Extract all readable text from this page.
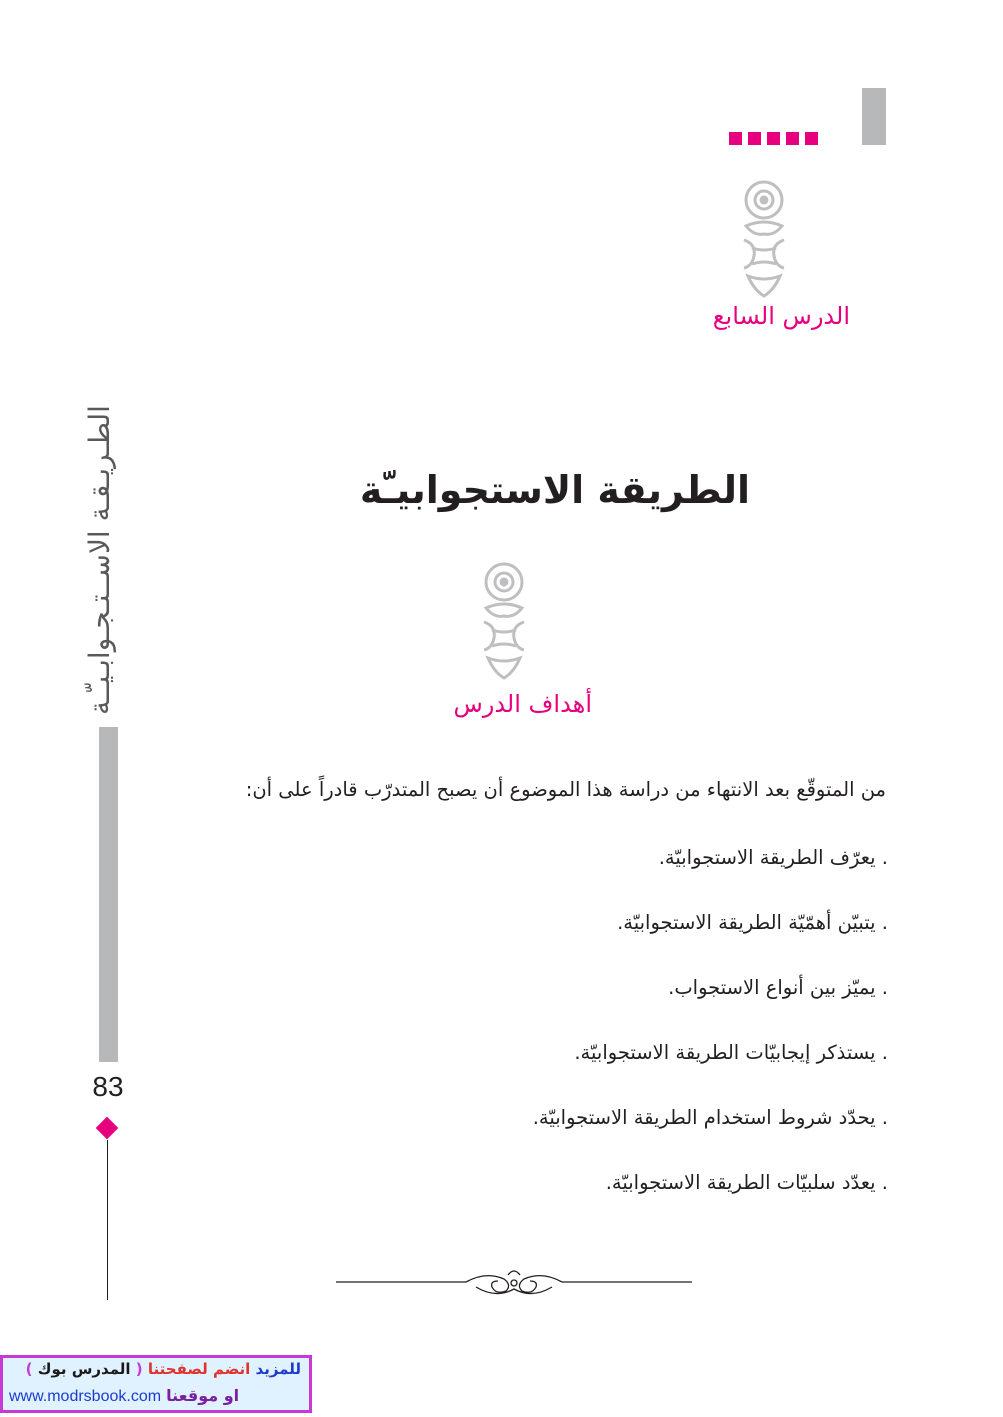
الدرس السابع
الطريقة الاستجوابيـّة
أهداف الدرس
من المتوقّع بعد الانتهاء من دراسة هذا الموضوع أن يصبح المتدرّب قادراً على أن:
. يعرّف الطريقة الاستجوابيّة.
. يتبيّن أهمّيّة الطريقة الاستجوابيّة.
. يميّز بين أنواع الاستجواب.
. يستذكر إيجابيّات الطريقة الاستجوابيّة.
. يحدّد شروط استخدام الطريقة الاستجوابيّة.
. يعدّد سلبيّات الطريقة الاستجوابيّة.
الطـريـقـة الاســتـجـوابـيـّـة
83
للمزيد انضم لصفحتنا ( المدرس بوك )
www.modrsbook.com او موقعنا
